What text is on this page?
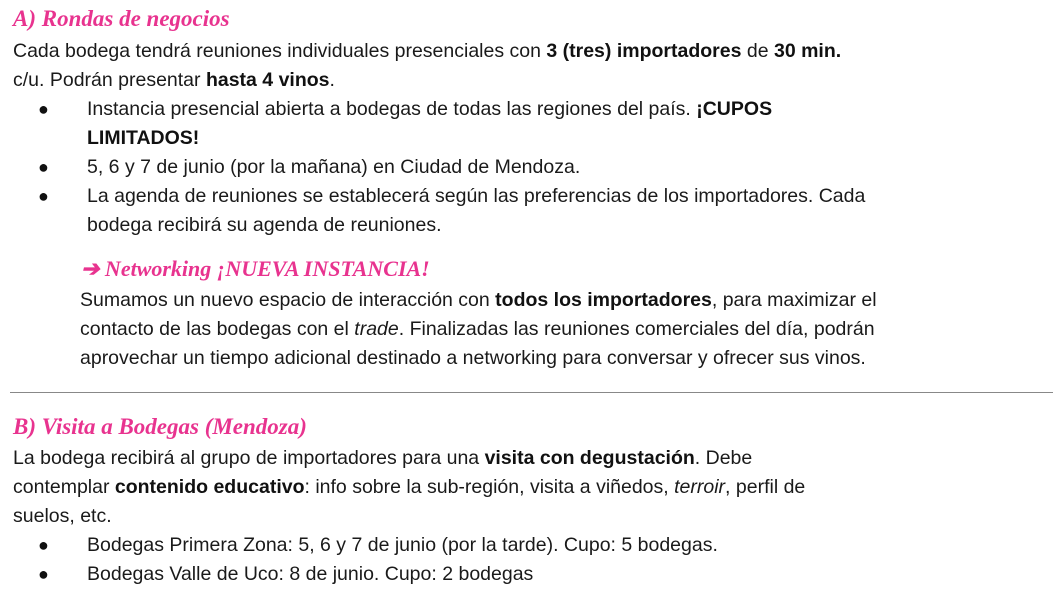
A) Rondas de negocios
Cada bodega tendrá reuniones individuales presenciales con 3 (tres) importadores de 30 min.
c/u. Podrán presentar hasta 4 vinos.
● Instancia presencial abierta a bodegas de todas las regiones del país. ¡CUPOS
LIMITADOS!
● 5, 6 y 7 de junio (por la mañana) en Ciudad de Mendoza.
● La agenda de reuniones se establecerá según las preferencias de los importadores. Cada
bodega recibirá su agenda de reuniones.
➔ Networking ¡NUEVA INSTANCIA!
Sumamos un nuevo espacio de interacción con todos los importadores, para maximizar el
contacto de las bodegas con el trade. Finalizadas las reuniones comerciales del día, podrán
aprovechar un tiempo adicional destinado a networking para conversar y ofrecer sus vinos.
B) Visita a Bodegas (Mendoza)
La bodega recibirá al grupo de importadores para una visita con degustación. Debe
contemplar contenido educativo: info sobre la sub-región, visita a viñedos, terroir, perfil de
suelos, etc.
● Bodegas Primera Zona: 5, 6 y 7 de junio (por la tarde). Cupo: 5 bodegas.
● Bodegas Valle de Uco: 8 de junio. Cupo: 2 bodegas
